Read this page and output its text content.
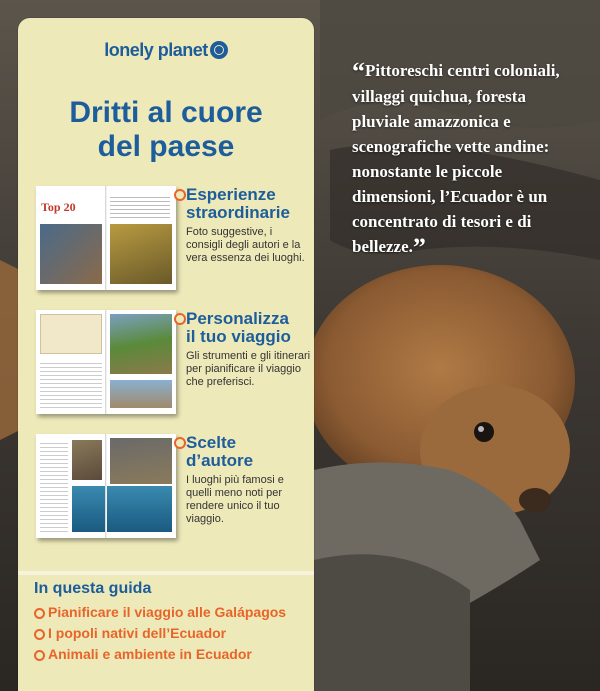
lonely planet
Dritti al cuore
del paese
Top 20
Esperienze
straordinarie
Foto suggestive, i consigli degli autori e la vera essenza dei luoghi.
Personalizza
il tuo viaggio
Gli strumenti e gli itinerari per pianificare il viaggio che preferisci.
Scelte
d’autore
I luoghi più famosi e quelli meno noti per rendere unico il tuo viaggio.
In questa guida
Pianificare il viaggio alle Galápagos
I popoli nativi dell’Ecuador
Animali e ambiente in Ecuador
“Pittoreschi centri coloniali, villaggi quichua, foresta pluviale amazzonica e scenografiche vette andine: nonostante le piccole dimensioni, l’Ecuador è un concentrato di tesori e di bellezze.”
